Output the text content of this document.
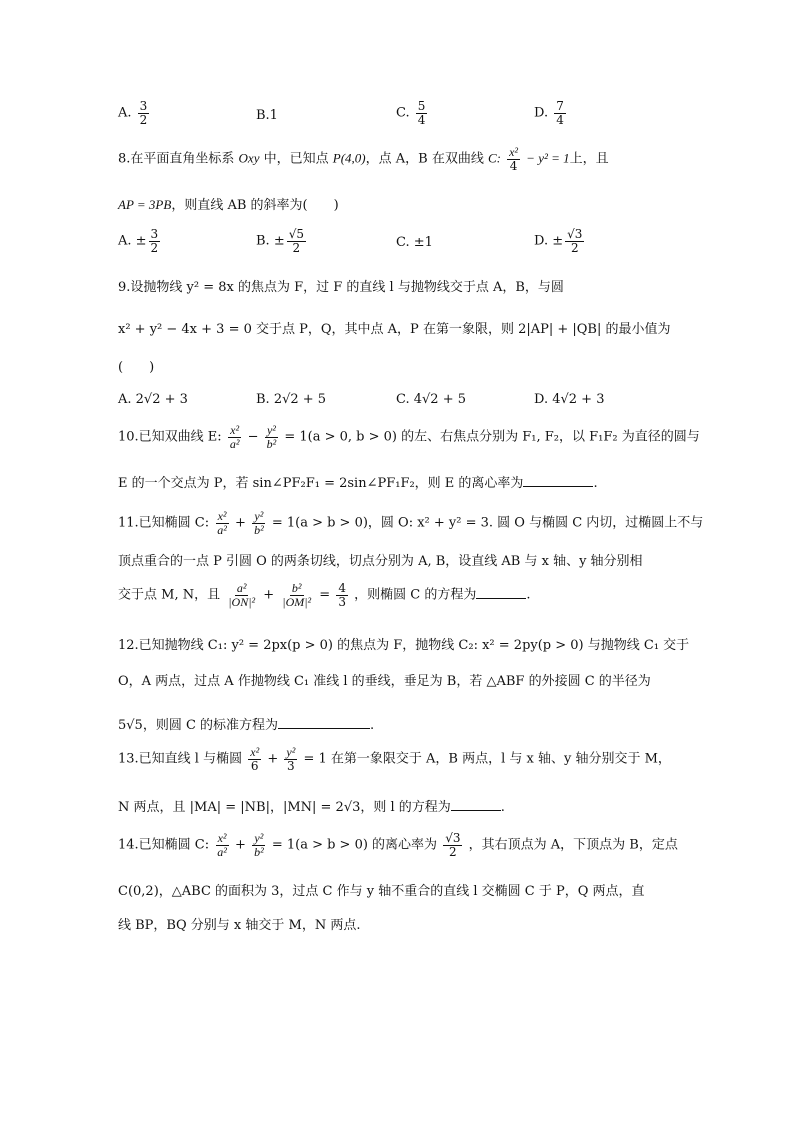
A. $\frac{3}{2}$	B.1	C. $\frac{5}{4}$	D. $\frac{7}{4}$
8.在平面直角坐标系 Oxy 中，已知点 P(4,0)，点 A，B 在双曲线 C: $\frac{\text{x²}}{4} - y^2 = 1$上，且
AP = 3PB，则直线 AB 的斜率为(　　)
A. ± $\frac{3}{2}$	B. ± $\frac{√5}{2}$	C. ±1	D. ± $\frac{√3}{2}$
9.设抛物线 y² = 8x 的焦点为 F，过 F 的直线 l 与抛物线交于点 A，B，与圆
x² + y² − 4x + 3 = 0 交于点 P，Q，其中点 A，P 在第一象限，则 2|AP| + |QB| 的最小值为
(　　)
A. 2√2 + 3	B. 2√2 + 5	C. 4√2 + 5	D. 4√2 + 3
10.已知双曲线 E: $\frac{\text{x²}}{\text{a²}} - \frac{\text{y²}}{\text{b²}} = 1(a > 0$, b > 0) 的左、右焦点分别为 F₁, F₂，以 F₁F₂ 为直径的圆与
E 的一个交点为 P，若 sin∠PF₂F₁ = 2sin∠PF₁F₂，则 E 的离心率为	.
11.已知椭圆 C: $\frac{\text{x²}}{\text{a²}} + \frac{\text{y²}}{\text{b²}} = 1(a > b > 0)$，圆 O: x² + y² = 3. 圆 O 与椭圆 C 内切，过椭圆上不与
顶点重合的一点 P 引圆 O 的两条切线，切点分别为 A, B，设直线 AB 与 x 轴、y 轴分别相
交于点 M, N，且 $\frac{\text{a²}}{\text{|ON|²}} + \frac{\text{b²}}{\text{|OM|²}} = \frac{4}{3}$ ，则椭圆 C 的方程为	.
12.已知抛物线 C₁: y² = 2px(p > 0) 的焦点为 F，抛物线 C₂: x² = 2py(p > 0) 与抛物线 C₁ 交于
O，A 两点，过点 A 作抛物线 C₁ 准线 l 的垂线，垂足为 B，若 △ABF 的外接圆 C 的半径为
5√5，则圆 C 的标准方程为	.
13.已知直线 l 与椭圆 $\frac{\text{x²}}{6} + \frac{\text{y²}}{3} = 1$ 在第一象限交于 A，B 两点，l 与 x 轴、y 轴分别交于 M，
N 两点，且 |MA| = |NB|，|MN| = 2√3，则 l 的方程为	.
14.已知椭圆 C: $\frac{\text{x²}}{\text{a²}} + \frac{\text{y²}}{\text{b²}} = 1(a > b > 0)$ 的离心率为 $\frac{√3}{2}$ ，其右顶点为 A，下顶点为 B，定点
C(0,2)，△ABC 的面积为 3，过点 C 作与 y 轴不重合的直线 l 交椭圆 C 于 P，Q 两点，直
线 BP，BQ 分别与 x 轴交于 M，N 两点.
